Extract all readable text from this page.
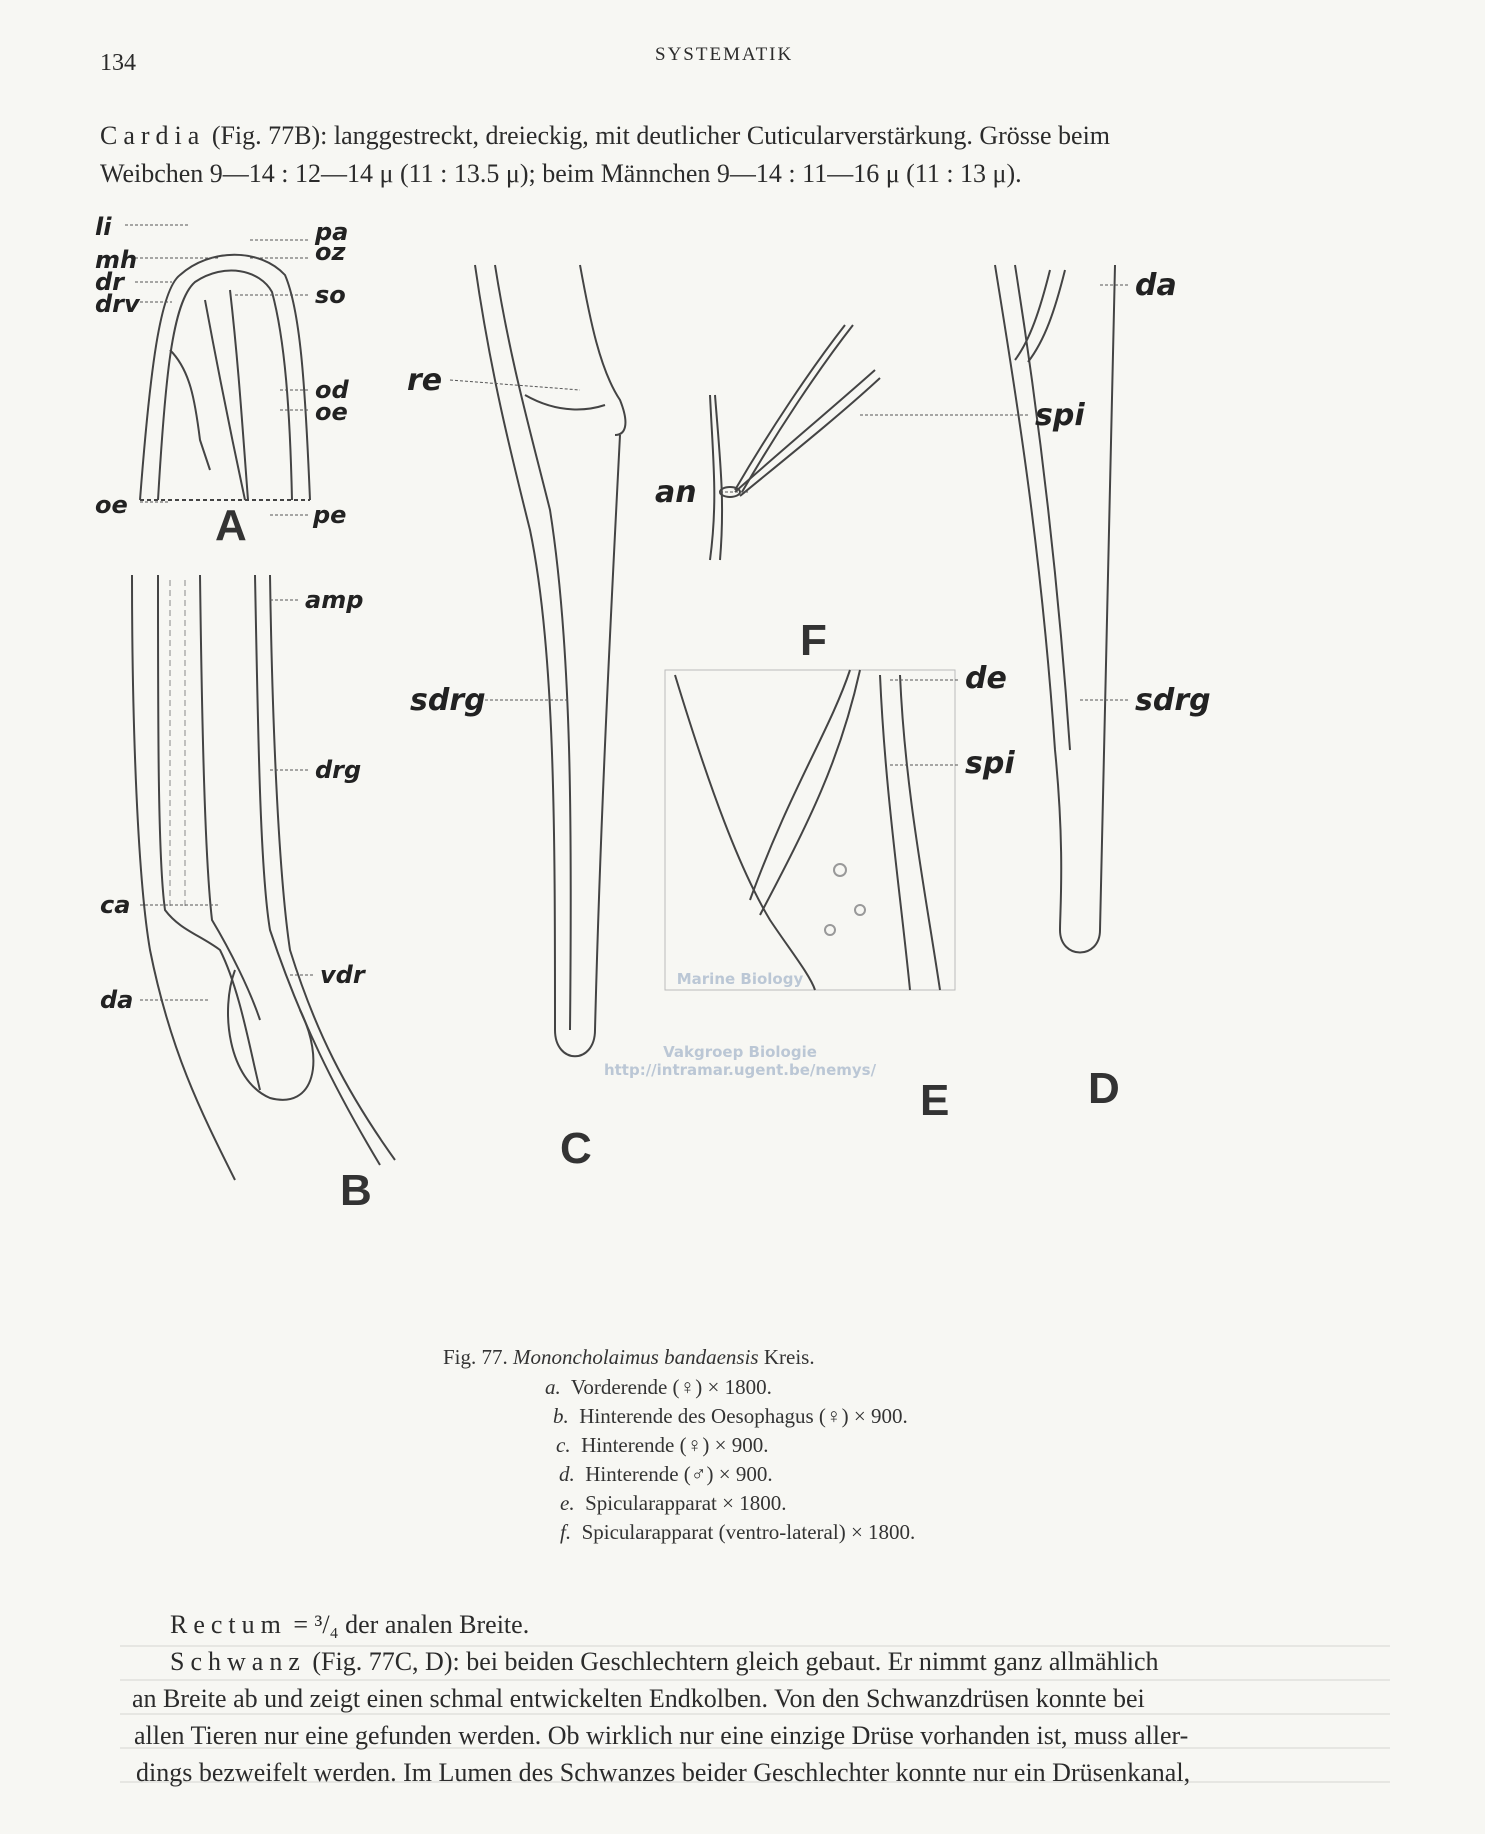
134	SYSTEMATIK
Cardia (Fig. 77B): langgestreckt, dreieckig, mit deutlicher Cuticularverstärkung. Grösse beim
Weibchen 9—14 : 12—14 μ (11 : 13.5 μ); beim Männchen 9—14 : 11—16 μ (11 : 13 μ).
li
mh
dr
drv
pa
oz
so
od
oe
oe	pe
amp
drg
ca
da
vdr
re
sdrg
spi
an
de
spi
da
sdrg
A
B
C
F
E	D
Marine Biology
Vakgroep Biologie
http://intramar.ugent.be/nemys/
Fig. 77. Mononcholaimus bandaensis Kreis.
a. Vorderende (♀) × 1800.
b. Hinterende des Oesophagus (♀) × 900.
c. Hinterende (♀) × 900.
d. Hinterende (♂) × 900.
e. Spicularapparat × 1800.
f. Spicularapparat (ventro-lateral) × 1800.
Rectum = ³/₄ der analen Breite.
Schwanz (Fig. 77C, D): bei beiden Geschlechtern gleich gebaut. Er nimmt ganz allmählich
an Breite ab und zeigt einen schmal entwickelten Endkolben. Von den Schwanzdrüsen konnte bei
allen Tieren nur eine gefunden werden. Ob wirklich nur eine einzige Drüse vorhanden ist, muss aller-
dings bezweifelt werden. Im Lumen des Schwanzes beider Geschlechter konnte nur ein Drüsenkanal,
